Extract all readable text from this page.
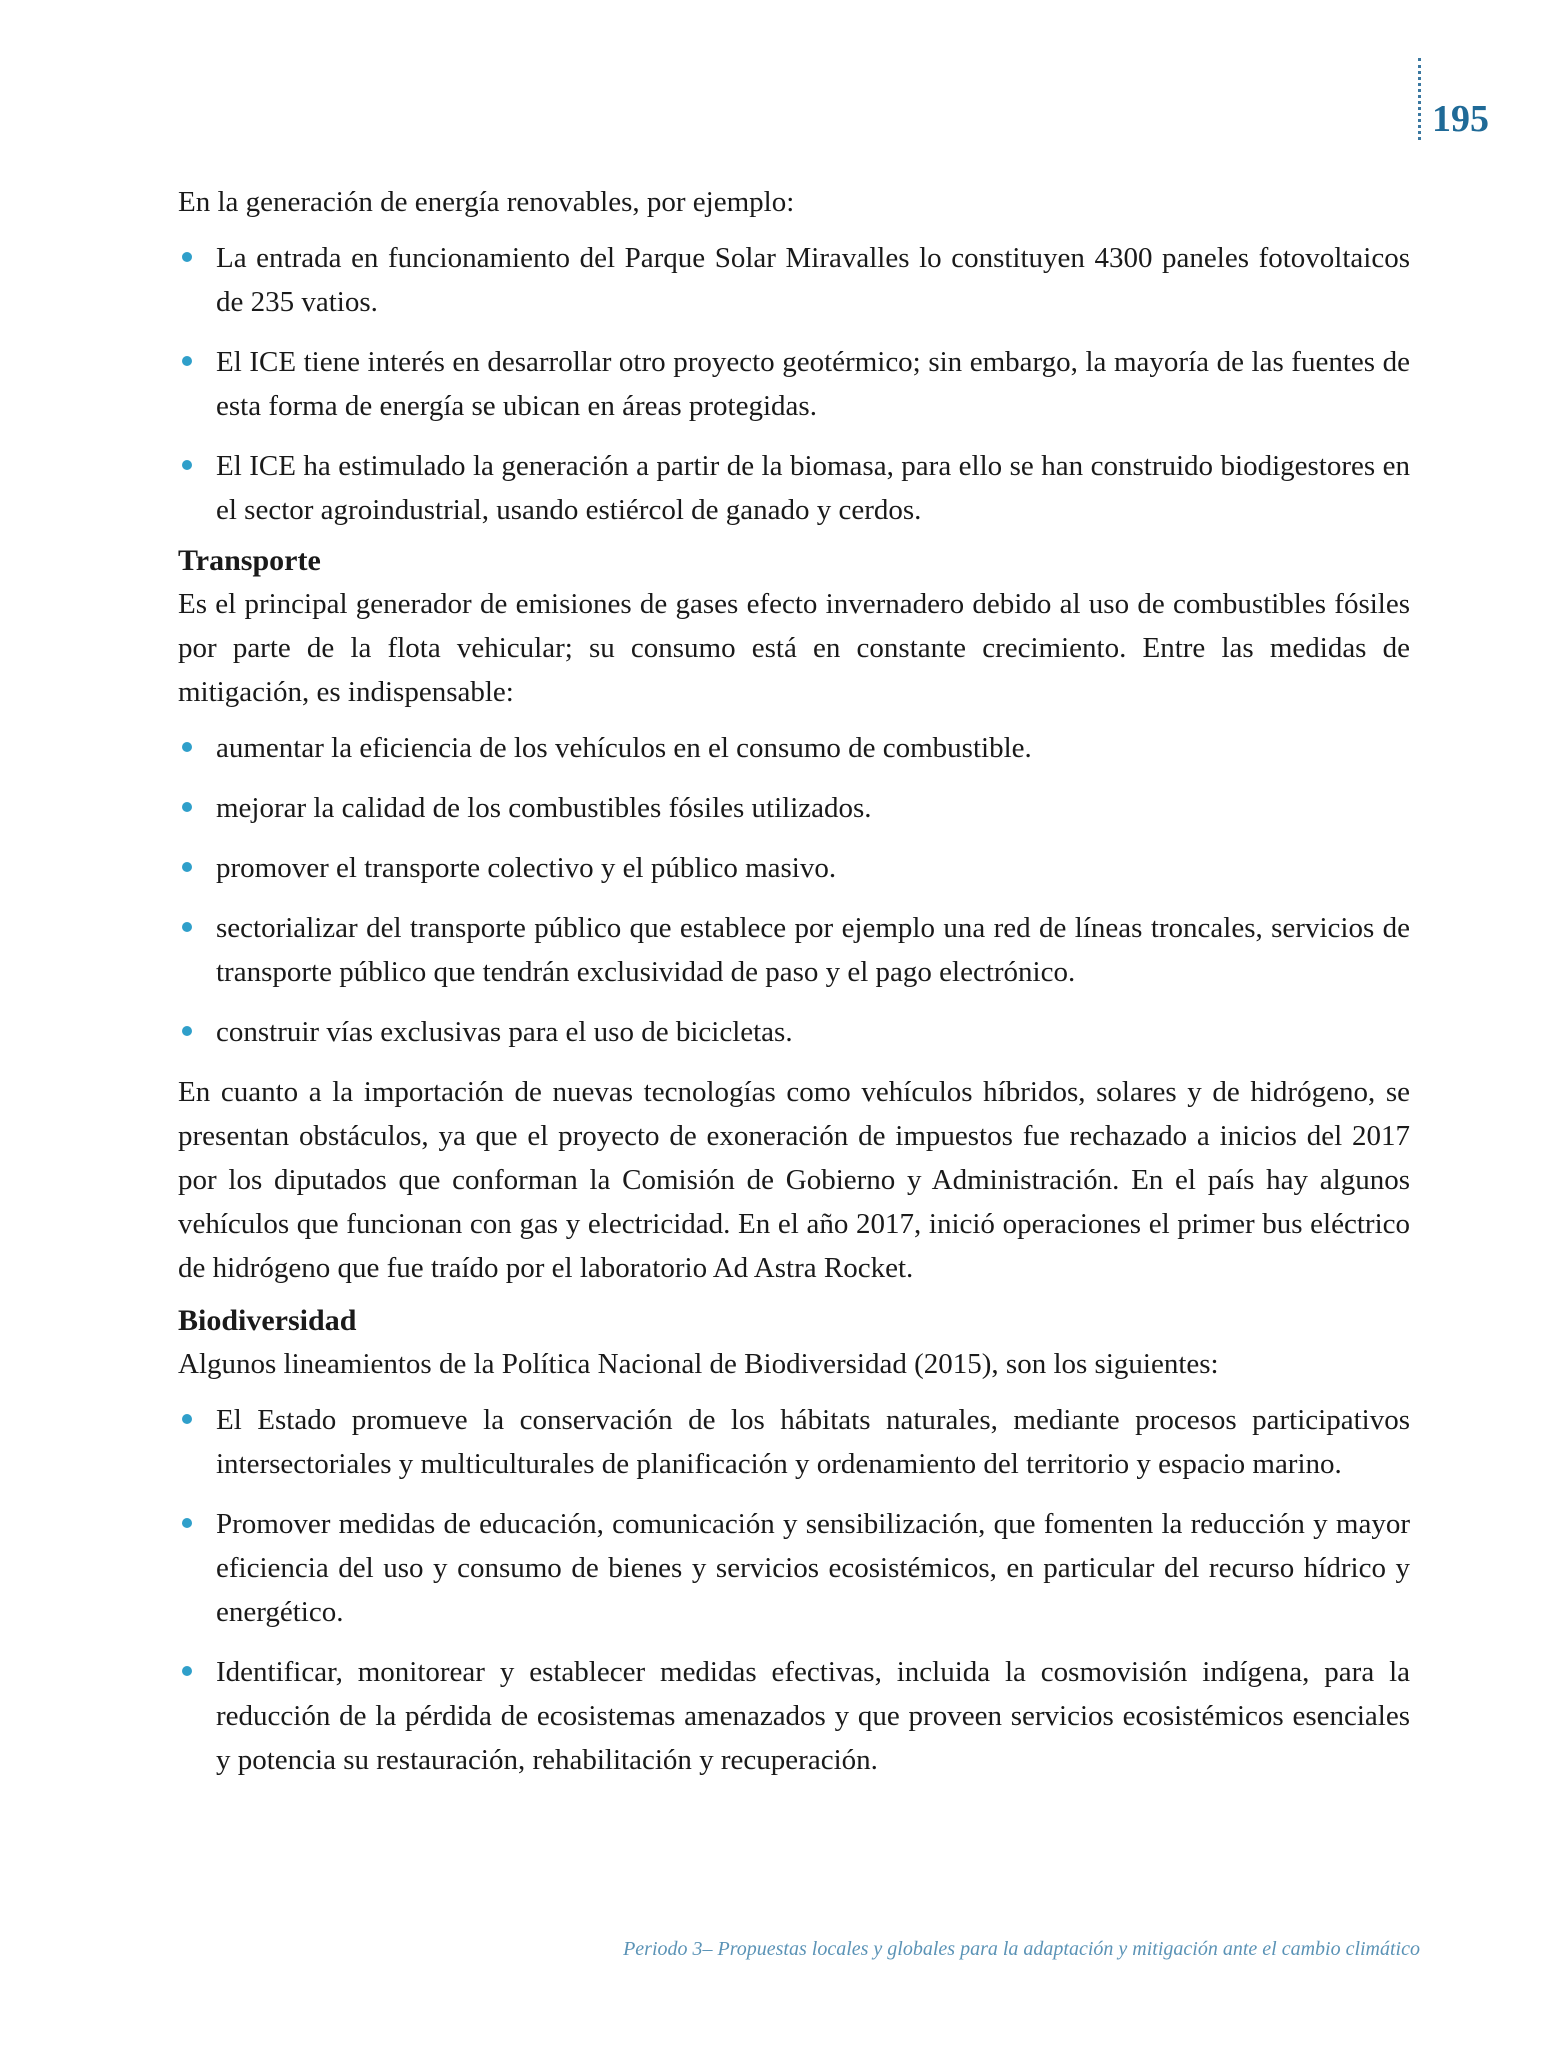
195

En la generación de energía renovables, por ejemplo:

La entrada en funcionamiento del Parque Solar Miravalles lo constituyen 4300 paneles fotovoltaicos de 235 vatios.
El ICE tiene interés en desarrollar otro proyecto geotérmico; sin embargo, la mayoría de las fuentes de esta forma de energía se ubican en áreas protegidas.
El ICE ha estimulado la generación a partir de la biomasa, para ello se han construido biodigestores en el sector agroindustrial, usando estiércol de ganado y cerdos.
Transporte

Es el principal generador de emisiones de gases efecto invernadero debido al uso de combustibles fósiles por parte de la flota vehicular; su consumo está en constante crecimiento. Entre las medidas de mitigación, es indispensable:

aumentar la eficiencia de los vehículos en el consumo de combustible.
mejorar la calidad de los combustibles fósiles utilizados.
promover el transporte colectivo y el público masivo.
sectorializar del transporte público que establece por ejemplo una red de líneas troncales, servicios de transporte público que tendrán exclusividad de paso y el pago electrónico.
construir vías exclusivas para el uso de bicicletas.

En cuanto a la importación de nuevas tecnologías como vehículos híbridos, solares y de hidrógeno, se presentan obstáculos, ya que el proyecto de exoneración de impuestos fue rechazado a inicios del 2017 por los diputados que conforman la Comisión de Gobierno y Administración. En el país hay algunos vehículos que funcionan con gas y electricidad. En el año 2017, inició operaciones el primer bus eléctrico de hidrógeno que fue traído por el laboratorio Ad Astra Rocket.

Biodiversidad

Algunos lineamientos de la Política Nacional de Biodiversidad (2015), son los siguientes:

El Estado promueve la conservación de los hábitats naturales, mediante procesos participativos intersectoriales y multiculturales de planificación y ordenamiento del territorio y espacio marino.
Promover medidas de educación, comunicación y sensibilización, que fomenten la reducción y mayor eficiencia del uso y consumo de bienes y servicios ecosistémicos, en particular del recurso hídrico y energético.
Identificar, monitorear y establecer medidas efectivas, incluida la cosmovisión indígena, para la reducción de la pérdida de ecosistemas amenazados y que proveen servicios ecosistémicos esenciales y potencia su restauración, rehabilitación y recuperación.
Periodo 3– Propuestas locales y globales para la adaptación y mitigación ante el cambio climático
